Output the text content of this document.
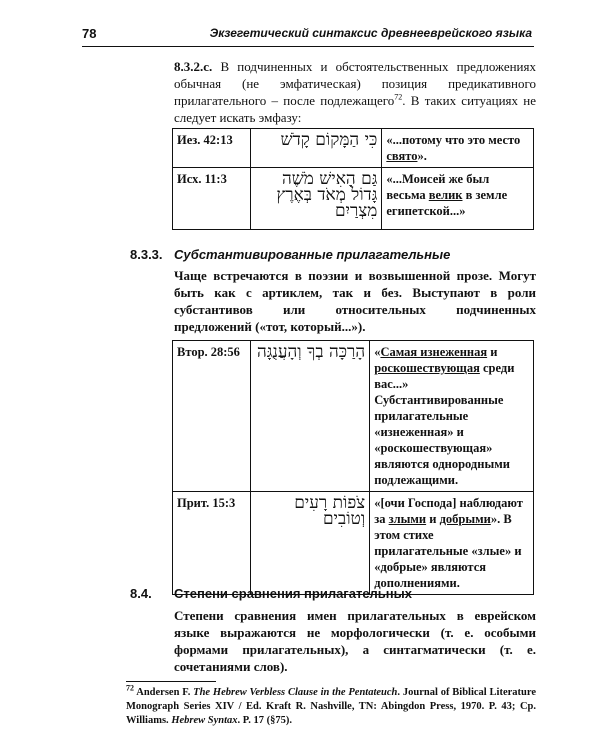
78	Экзегетический синтаксис древнееврейского языка
8.3.2.c. В подчиненных и обстоятельственных предложениях обычная (не эмфатическая) позиция предикативного прилагательного – после подлежащего$^{72}$. В таких ситуациях не следует искать эмфазу:
Иез. 42:13	כִּי הַמָּקוֹם קָדֹשׁ	«...потому что это место свято».
Исх. 11:3	גַּם הָאִישׁ מֹשֶׁה גָּדוֹל מְאֹד בְּאֶרֶץ מִצְרַיִם	«...Моисей же был весьма велик в земле египетской...»
8.3.3. Субстантивированные прилагательные
Чаще встречаются в поэзии и возвышенной прозе. Могут быть как с артиклем, так и без. Выступают в роли субстантивов или относительных подчиненных предложений («тот, который...»).
Втор. 28:56	הָרַכָּה בְךָ וְהָעֲנֻגָּה	«Самая изнеженная и роскошествующая среди вас...» Субстантивированные прилагательные «изнеженная» и «роскошествующая» являются однородными подлежащими.
Прит. 15:3	צֹפוֹת רָעִים וְטוֹבִים	«[очи Господа] наблюдают за злыми и добрыми». В этом стихе прилагательные «злые» и «добрые» являются дополнениями.
8.4. Степени сравнения прилагательных
Степени сравнения имен прилагательных в еврейском языке выражаются не морфологически (т. е. особыми формами прилагательных), а синтагматически (т. е. сочетаниями слов).
$^{72}$ Andersen F. The Hebrew Verbless Clause in the Pentateuch. Journal of Biblical Literature Monograph Series XIV / Ed. Kraft R. Nashville, TN: Abingdon Press, 1970. P. 43; Cp. Williams. Hebrew Syntax. P. 17 (§75).
